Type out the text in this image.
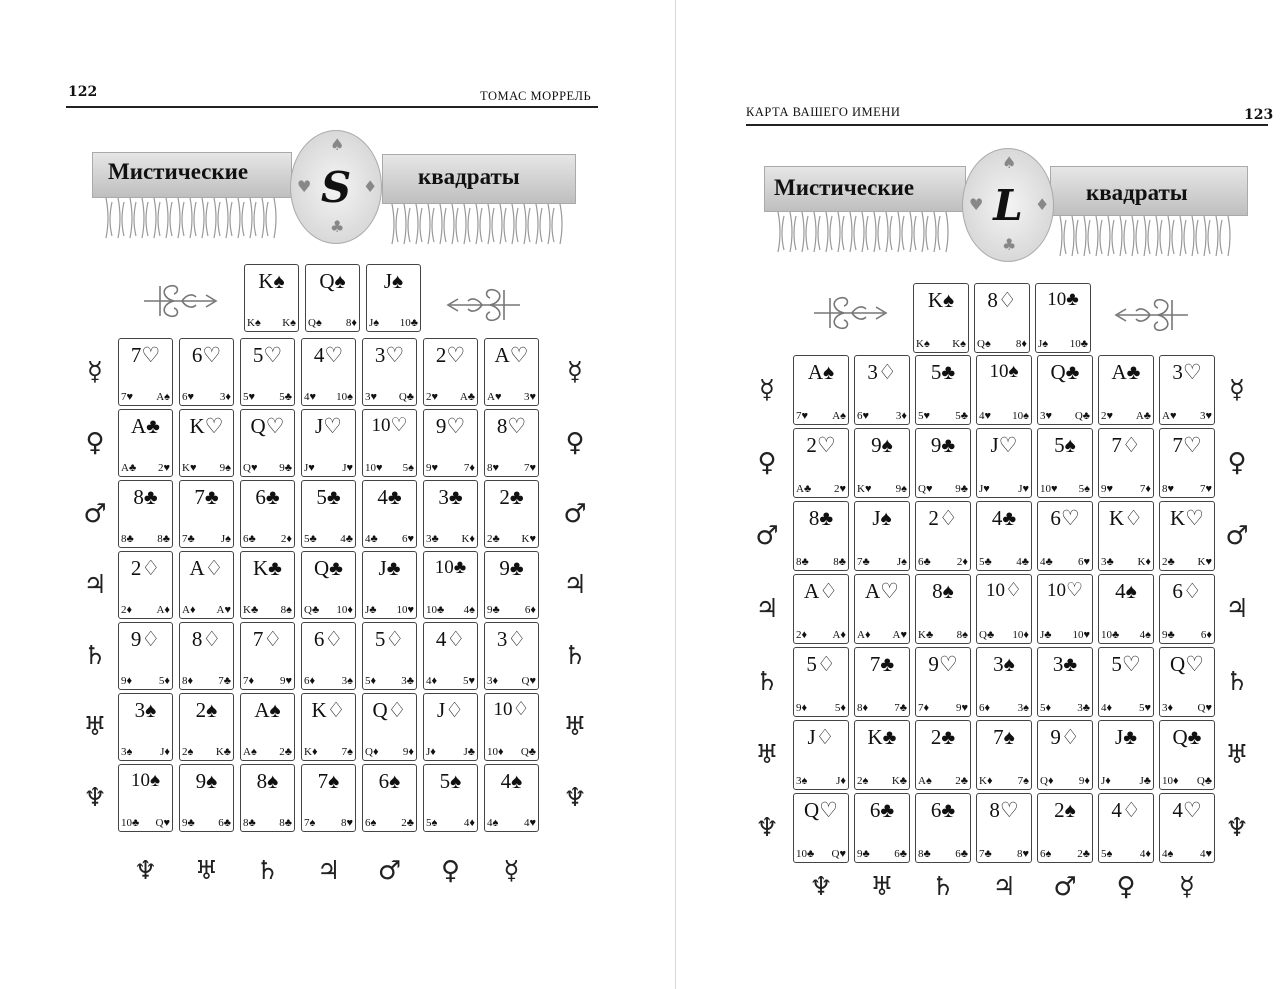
122	ТОМАС МОРРЕЛЬ
Мистические	квадраты
♠
♥	♦
♣
S
K♠
K♠ K♠
Q♠
Q♠ 8♦
J♠
J♠ 10♣
7♡
7♥ A♠
6♡
6♥ 3♦
5♡
5♥ 5♣
4♡
4♥ 10♠
3♡
3♥ Q♣
2♡
2♥ A♣
A♡
A♥ 3♥
☿	☿
A♣
A♣ 2♥
K♡
K♥ 9♠
Q♡
Q♥ 9♣
J♡
J♥ J♥
10♡
10♥ 5♠
9♡
9♥ 7♦
8♡
8♥ 7♥
♀	♀
8♣
8♣ 8♣
7♣
7♣ J♠
6♣
6♣ 2♦
5♣
5♣ 4♣
4♣
4♣ 6♥
3♣
3♣ K♦
2♣
2♣ K♥
♂	♂
2♢
2♦ A♦
A♢
A♦ A♥
K♣
K♣ 8♠
Q♣
Q♣ 10♦
J♣
J♣ 10♥
10♣
10♣ 4♠
9♣
9♣ 6♦
♃	♃
9♢
9♦ 5♦
8♢
8♦ 7♣
7♢
7♦ 9♥
6♢
6♦ 3♠
5♢
5♦ 3♣
4♢
4♦ 5♥
3♢
3♦ Q♥
♄	♄
3♠
3♠	J♦
2♠
2♠ K♣
A♠
A♠ 2♣
K♢
K♦ 7♠
Q♢
Q♦ 9♦
J♢
J♦	J♣
10♢
10♦ Q♣
♅	♅
10♠
10♣ Q♥
9♠
9♣ 6♣
8♠
8♣ 8♣
7♠
7♠ 8♥
6♠
6♠ 2♣
5♠
5♠ 4♦
4♠
4♠ 4♥
♆	♆
♆ ♅ ♄ ♃ ♂ ♀ ☿
КАРТА ВАШЕГО ИМЕНИ	123
Мистические	квадраты
♠
♥	♦
♣
L
K♠
K♠ K♠
8♢
Q♠ 8♦
10♣
J♠ 10♣
A♠
7♥ A♠
3♢
6♥ 3♦
5♣
5♥ 5♣
10♠
4♥ 10♠
Q♣
3♥ Q♣
A♣
2♥ A♣
3♡
A♥ 3♥
☿	☿
2♡
A♣ 2♥
9♠
K♥ 9♠
9♣
Q♥ 9♣
J♡
J♥	J♥
5♠
10♥ 5♠
7♢
9♥ 7♦
7♡
8♥ 7♥
♀	♀
8♣
8♣ 8♣
J♠
7♣ J♠
2♢
6♣ 2♦
4♣
5♣ 4♣
6♡
4♣ 6♥
K♢
3♣ K♦
K♡
2♣ K♥
♂	♂
A♢
2♦ A♦
A♡
A♦ A♥
8♠
K♣ 8♠
10♢
Q♣ 10♦
10♡
J♣ 10♥
4♠
10♣ 4♠
6♢
9♣ 6♦
♃	♃
5♢
9♦	5♦
7♣
8♦ 7♣
9♡
7♦ 9♥
3♠
6♦	3♠
3♣
5♦ 3♣
5♡
4♦ 5♥
Q♡
3♦ Q♥
♄	♄
J♢
3♠	J♦
K♣
2♠ K♣
2♣
A♠ 2♣
7♠
K♦ 7♠
9♢
Q♦ 9♦
J♣
J♦	J♣
Q♣
10♦ Q♣
♅	♅
Q♡
10♣ Q♥
6♣
9♣ 6♣
6♣
8♣ 6♣
8♡
7♣ 8♥
2♠
6♠ 2♣
4♢
5♠	4♦
4♡
4♠ 4♥
♆	♆
♆ ♅ ♄ ♃ ♂ ♀ ☿
